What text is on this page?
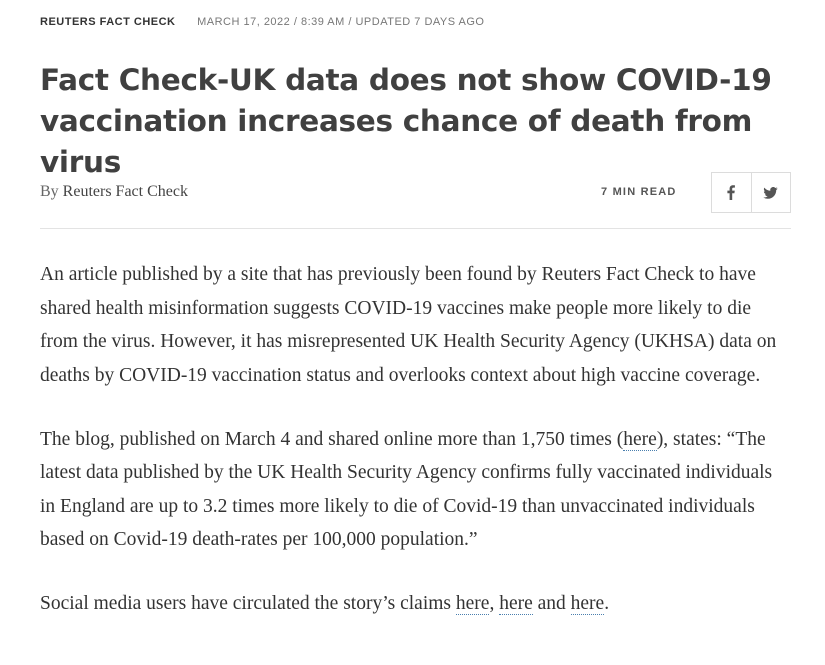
REUTERS FACT CHECK MARCH 17, 2022 / 8:39 AM / UPDATED 7 DAYS AGO
Fact Check-UK data does not show COVID-19 vaccination increases chance of death from virus
By Reuters Fact Check	7 MIN READ

An article published by a site that has previously been found by Reuters Fact Check to have shared health misinformation suggests COVID-19 vaccines make people more likely to die from the virus. However, it has misrepresented UK Health Security Agency (UKHSA) data on deaths by COVID-19 vaccination status and overlooks context about high vaccine coverage.

The blog, published on March 4 and shared online more than 1,750 times (here), states: “The latest data published by the UK Health Security Agency confirms fully vaccinated individuals in England are up to 3.2 times more likely to die of Covid-19 than unvaccinated individuals based on Covid-19 death-rates per 100,000 population.”

Social media users have circulated the story’s claims here, here and here.
